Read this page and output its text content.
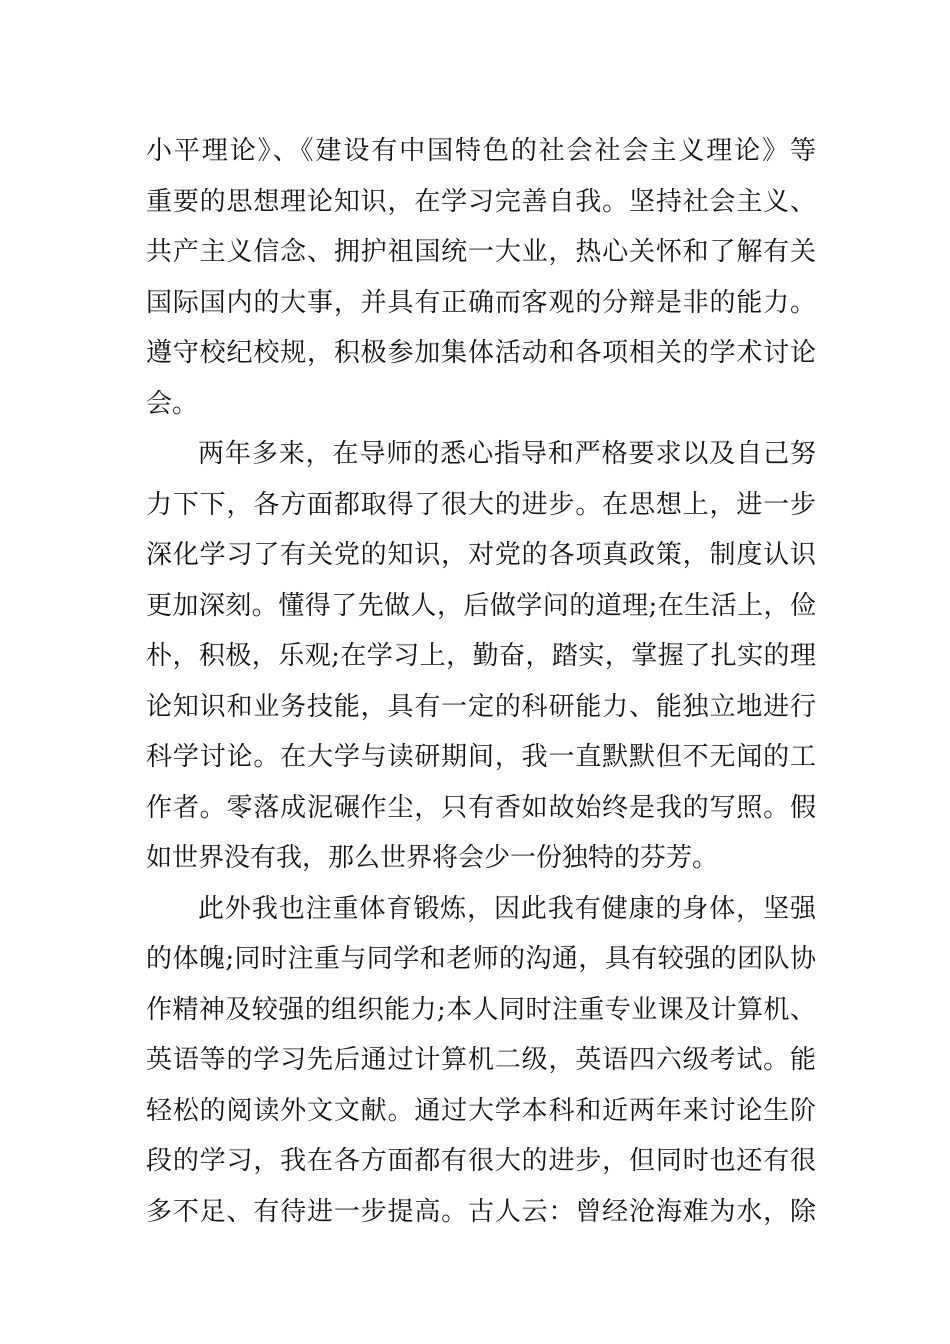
小平理论》、《建设有中国特色的社会社会主义理论》等
重要的思想理论知识，在学习完善自我。坚持社会主义、
共产主义信念、拥护祖国统一大业，热心关怀和了解有关
国际国内的大事，并具有正确而客观的分辩是非的能力。
遵守校纪校规，积极参加集体活动和各项相关的学术讨论
会。
两年多来，在导师的悉心指导和严格要求以及自己努
力下下，各方面都取得了很大的进步。在思想上，进一步
深化学习了有关党的知识，对党的各项真政策，制度认识
更加深刻。懂得了先做人，后做学问的道理;在生活上，俭
朴，积极，乐观;在学习上，勤奋，踏实，掌握了扎实的理
论知识和业务技能，具有一定的科研能力、能独立地进行
科学讨论。在大学与读研期间，我一直默默但不无闻的工
作者。零落成泥碾作尘，只有香如故始终是我的写照。假
如世界没有我，那么世界将会少一份独特的芬芳。
此外我也注重体育锻炼，因此我有健康的身体，坚强
的体魄;同时注重与同学和老师的沟通，具有较强的团队协
作精神及较强的组织能力;本人同时注重专业课及计算机、
英语等的学习先后通过计算机二级，英语四六级考试。能
轻松的阅读外文文献。通过大学本科和近两年来讨论生阶
段的学习，我在各方面都有很大的进步，但同时也还有很
多不足、有待进一步提高。古人云：曾经沧海难为水，除
